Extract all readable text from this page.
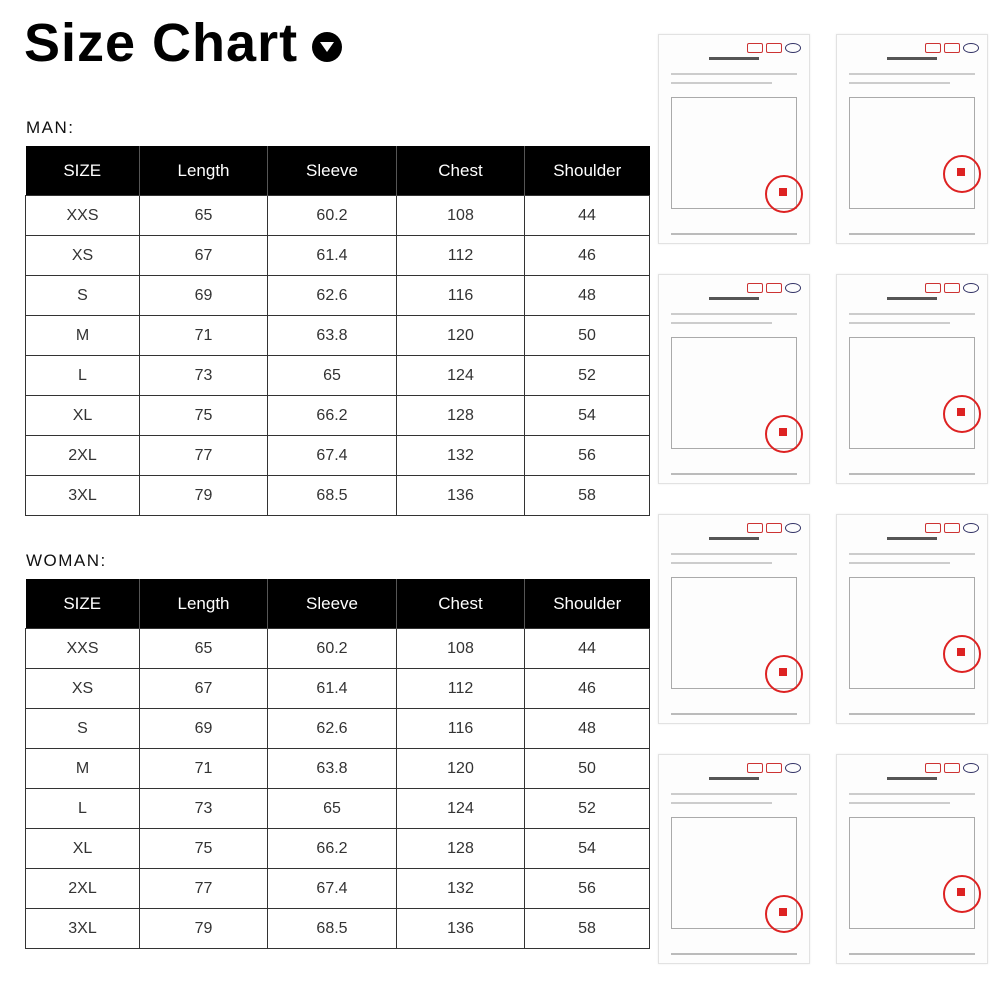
Size Chart
MAN:
SIZE	Length	Sleeve	Chest	Shoulder
XXS	65	60.2	108	44
XS	67	61.4	112	46
S	69	62.6	116	48
M	71	63.8	120	50
L	73	65	124	52
XL	75	66.2	128	54
2XL	77	67.4	132	56
3XL	79	68.5	136	58
WOMAN:
SIZE	Length	Sleeve	Chest	Shoulder
XXS	65	60.2	108	44
XS	67	61.4	112	46
S	69	62.6	116	48
M	71	63.8	120	50
L	73	65	124	52
XL	75	66.2	128	54
2XL	77	67.4	132	56
3XL	79	68.5	136	58
